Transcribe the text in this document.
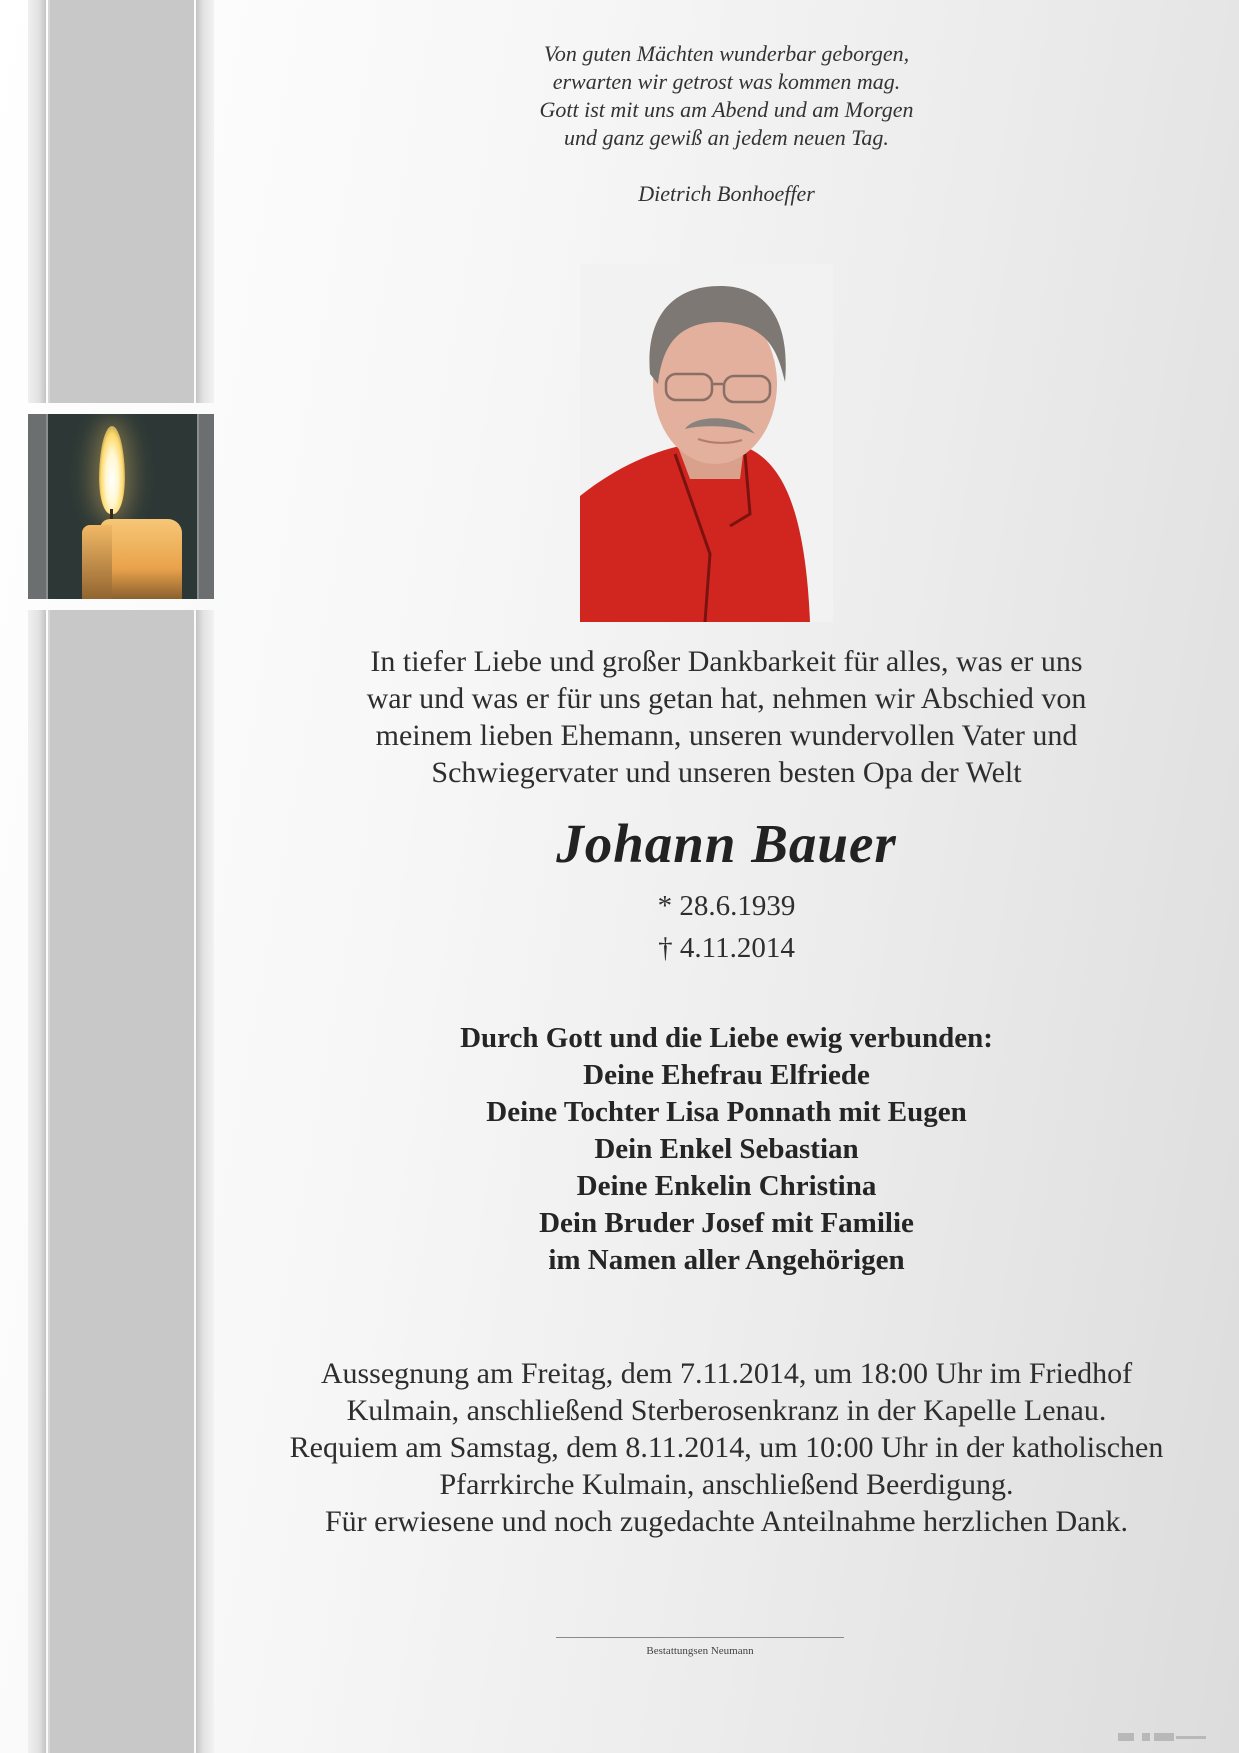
Von guten Mächten wunderbar geborgen,

erwarten wir getrost was kommen mag.

Gott ist mit uns am Abend und am Morgen

und ganz gewiß an jedem neuen Tag.

Dietrich Bonhoeffer

In tiefer Liebe und großer Dankbarkeit für alles, was er uns

war und was er für uns getan hat, nehmen wir Abschied von

meinem lieben Ehemann, unseren wundervollen Vater und

Schwiegervater und unseren besten Opa der Welt

Johann Bauer

* 28.6.1939

† 4.11.2014

Durch Gott und die Liebe ewig verbunden:

Deine Ehefrau Elfriede

Deine Tochter Lisa Ponnath mit Eugen

Dein Enkel Sebastian

Deine Enkelin Christina

Dein Bruder Josef mit Familie

im Namen aller Angehörigen

Aussegnung am Freitag, dem 7.11.2014, um 18:00 Uhr im Friedhof

Kulmain, anschließend Sterberosenkranz in der Kapelle Lenau.

Requiem am Samstag, dem 8.11.2014, um 10:00 Uhr in der katholischen

Pfarrkirche Kulmain, anschließend Beerdigung.

Für erwiesene und noch zugedachte Anteilnahme herzlichen Dank.

Bestattungsen Neumann
